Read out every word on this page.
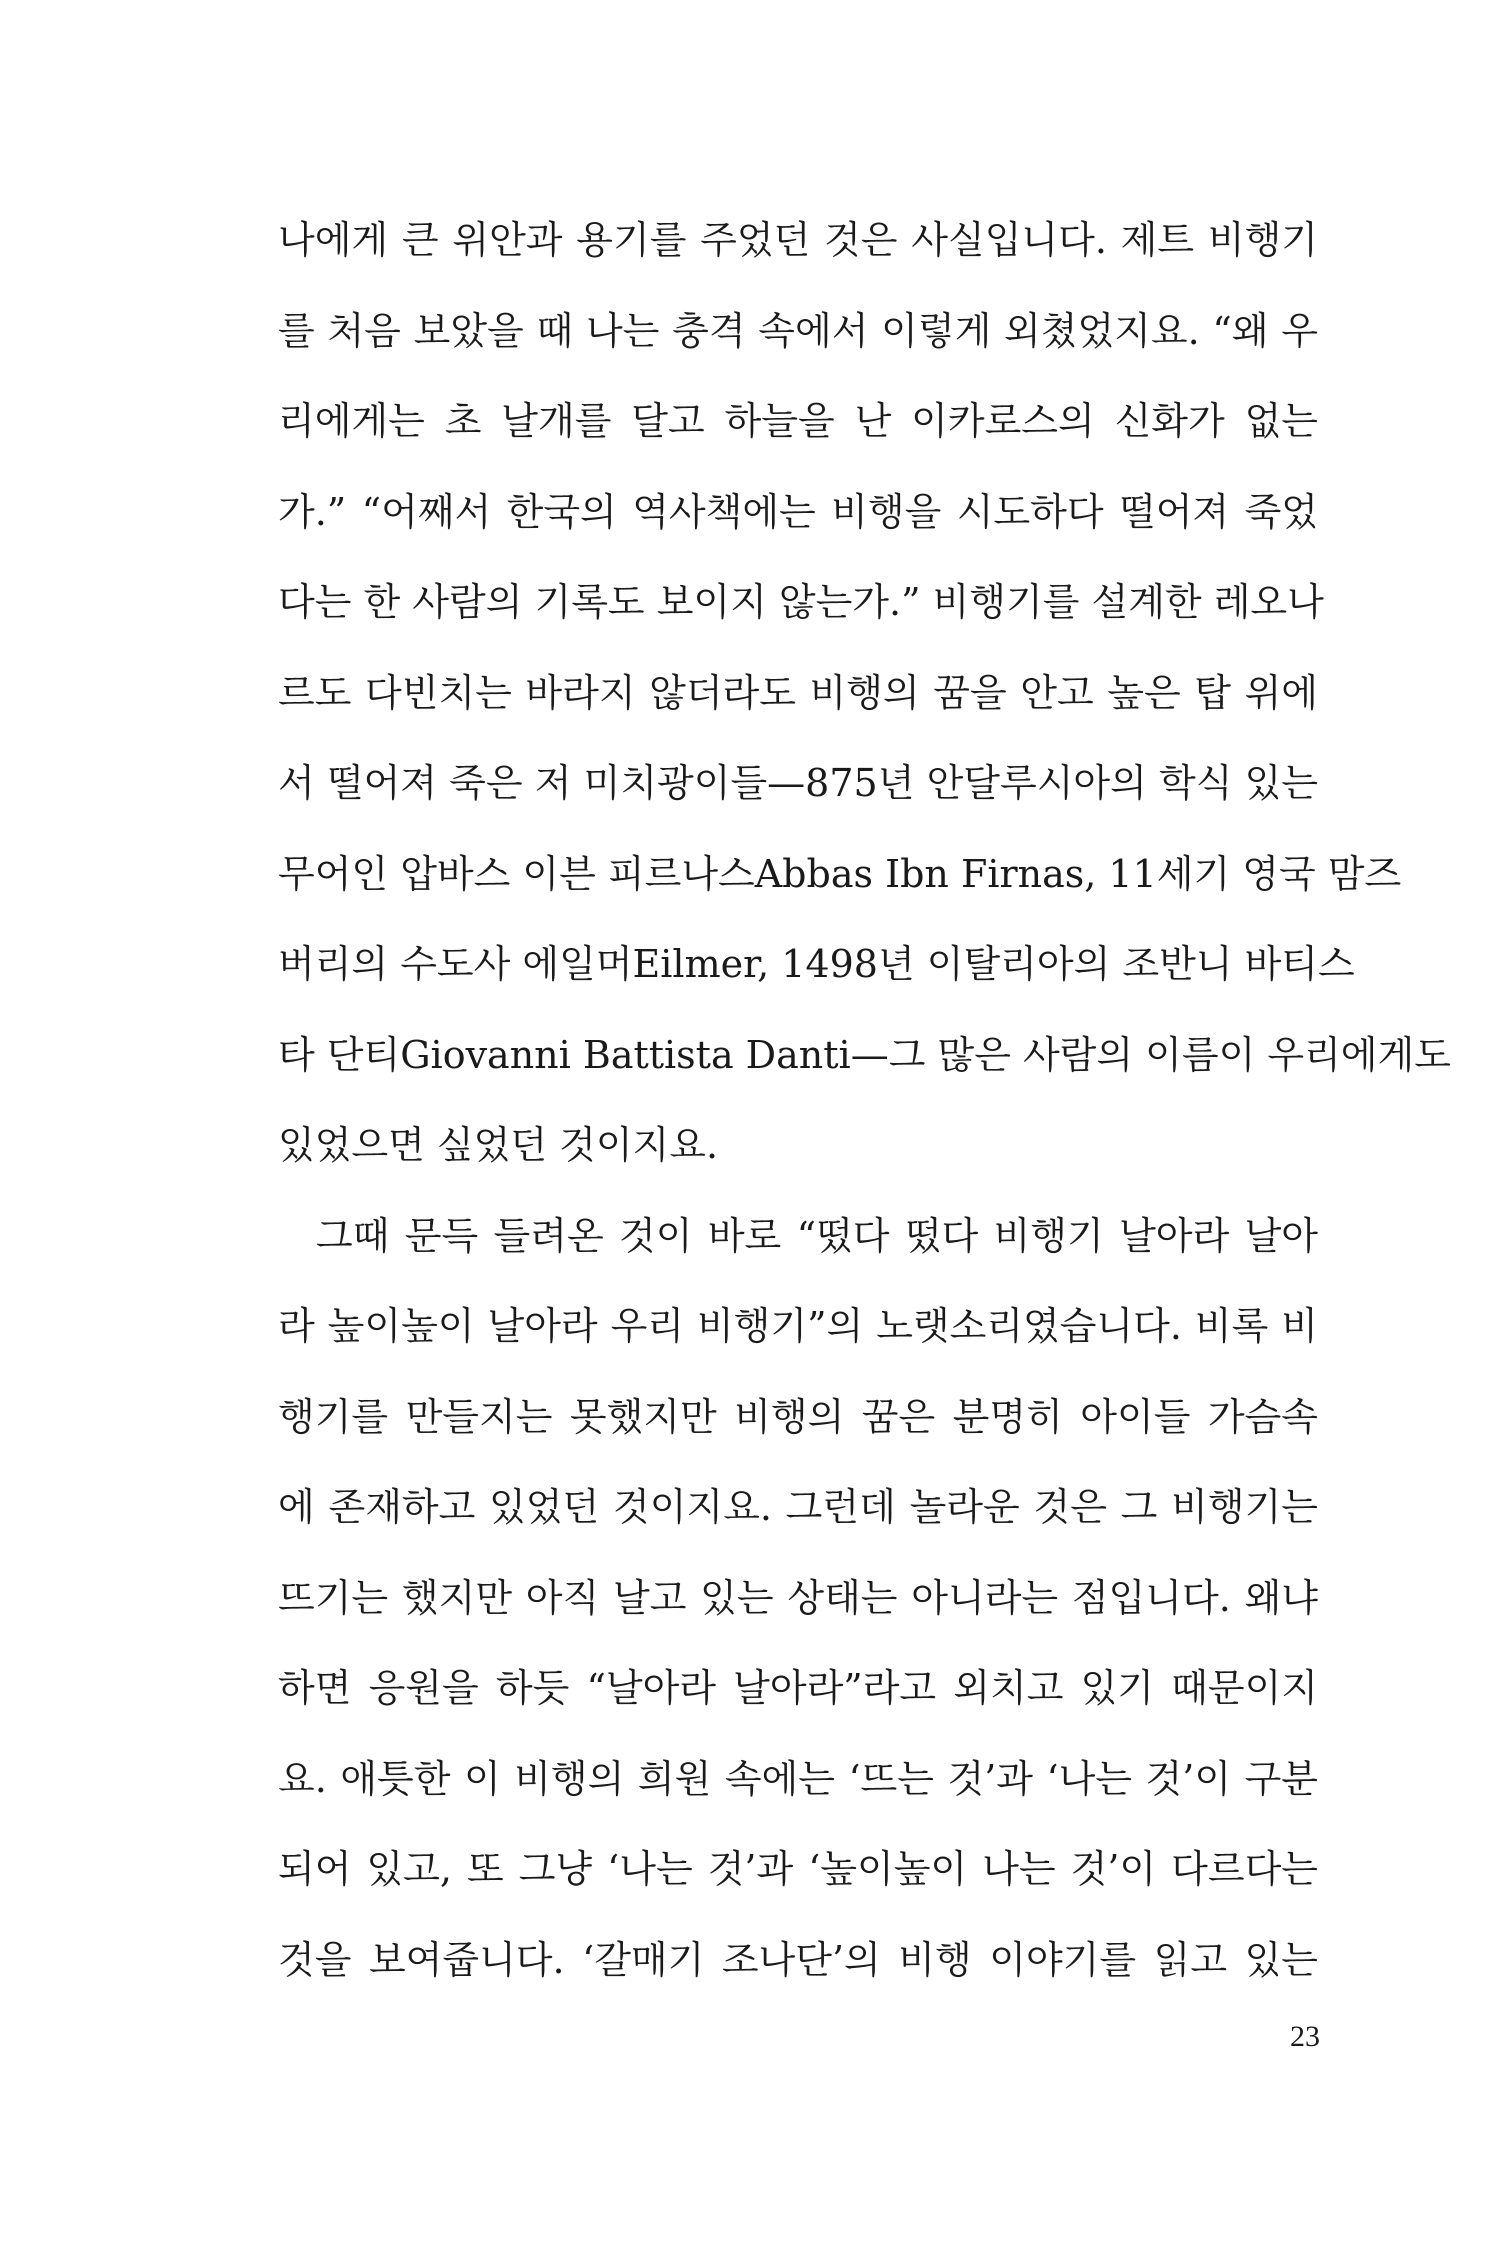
나에게 큰 위안과 용기를 주었던 것은 사실입니다. 제트 비행기
를 처음 보았을 때 나는 충격 속에서 이렇게 외쳤었지요. “왜 우
리에게는 초 날개를 달고 하늘을 난 이카로스의 신화가 없는
가.” “어째서 한국의 역사책에는 비행을 시도하다 떨어져 죽었
다는 한 사람의 기록도 보이지 않는가.” 비행기를 설계한 레오나
르도 다빈치는 바라지 않더라도 비행의 꿈을 안고 높은 탑 위에
서 떨어져 죽은 저 미치광이들—875년 안달루시아의 학식 있는
무어인 압바스 이븐 피르나스Abbas Ibn Firnas, 11세기 영국 맘즈
버리의 수도사 에일머Eilmer, 1498년 이탈리아의 조반니 바티스
타 단티Giovanni Battista Danti—그 많은 사람의 이름이 우리에게도
있었으면 싶었던 것이지요.
그때 문득 들려온 것이 바로 “떴다 떴다 비행기 날아라 날아
라 높이높이 날아라 우리 비행기”의 노랫소리였습니다. 비록 비
행기를 만들지는 못했지만 비행의 꿈은 분명히 아이들 가슴속
에 존재하고 있었던 것이지요. 그런데 놀라운 것은 그 비행기는
뜨기는 했지만 아직 날고 있는 상태는 아니라는 점입니다. 왜냐
하면 응원을 하듯 “날아라 날아라”라고 외치고 있기 때문이지
요. 애틋한 이 비행의 희원 속에는 ‘뜨는 것’과 ‘나는 것’이 구분
되어 있고, 또 그냥 ‘나는 것’과 ‘높이높이 나는 것’이 다르다는
것을 보여줍니다. ‘갈매기 조나단’의 비행 이야기를 읽고 있는
23
